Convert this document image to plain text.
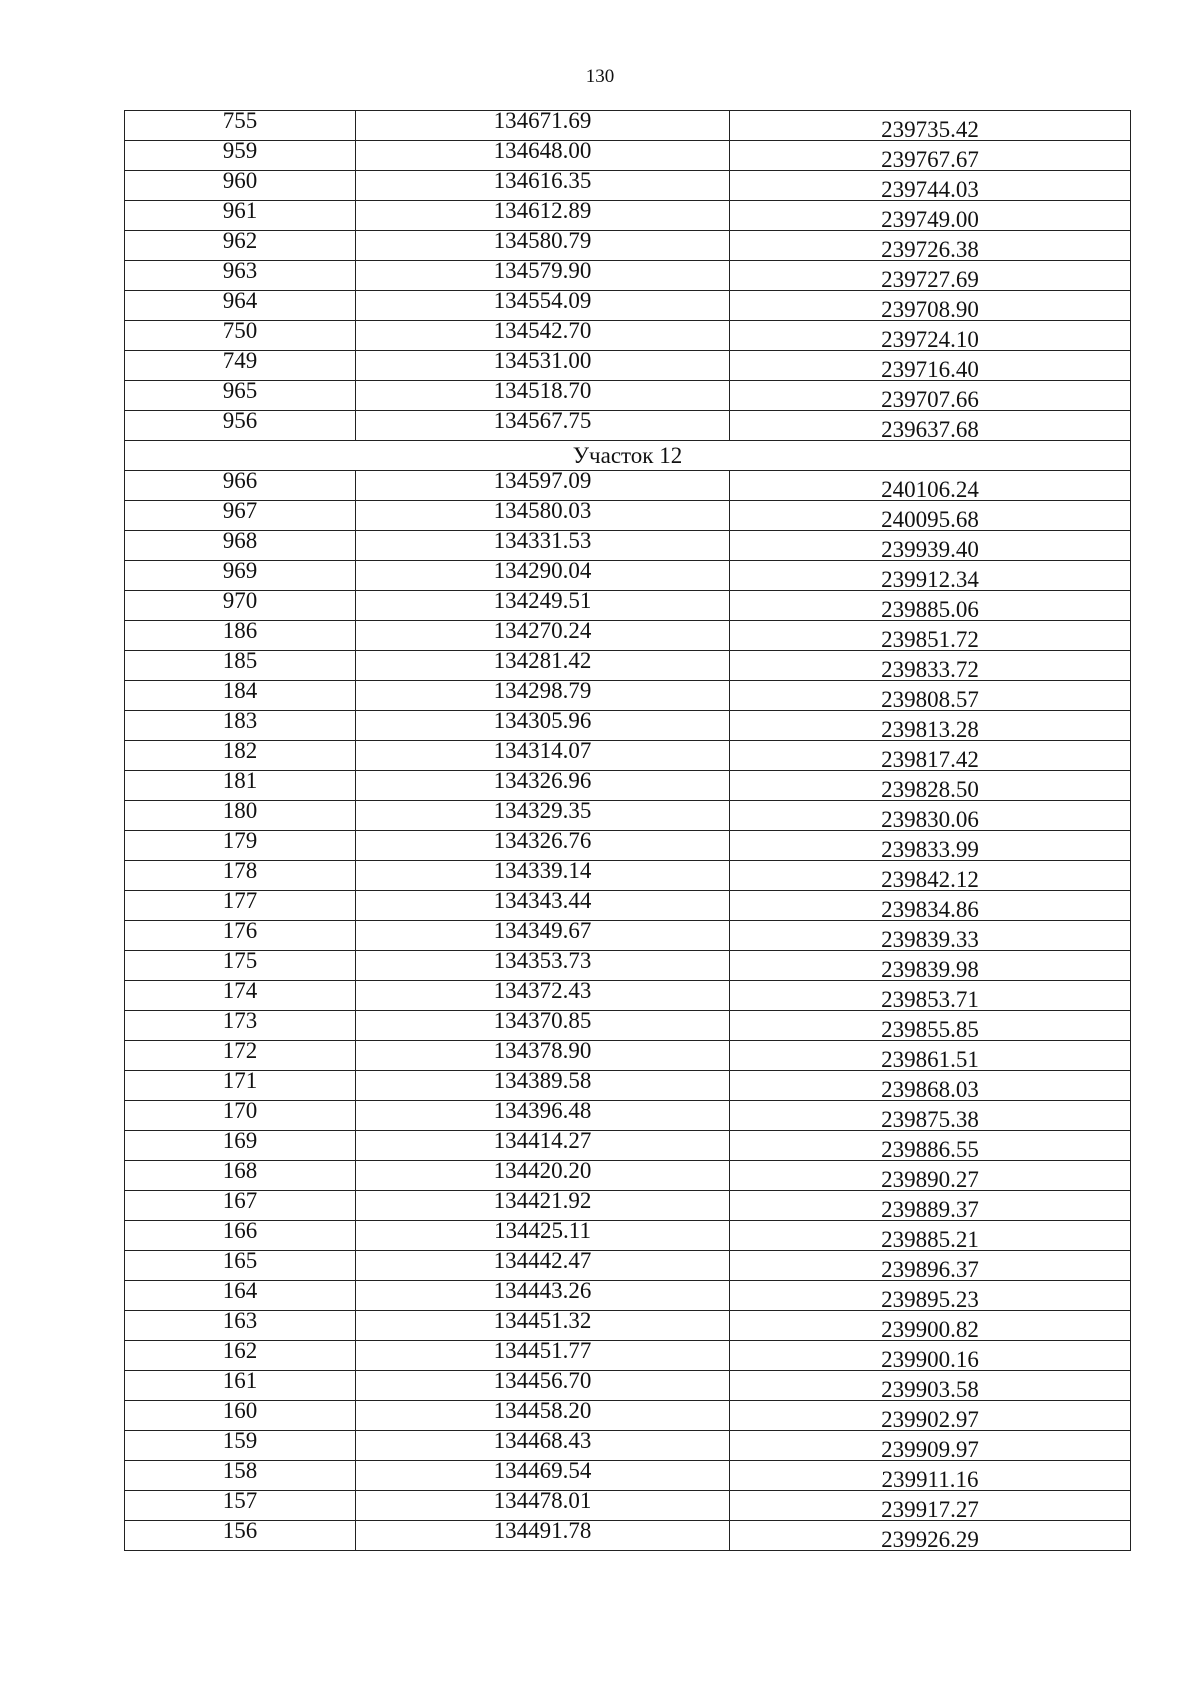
130
755	134671.69	239735.42
959	134648.00	239767.67
960	134616.35	239744.03
961	134612.89	239749.00
962	134580.79	239726.38
963	134579.90	239727.69
964	134554.09	239708.90
750	134542.70	239724.10
749	134531.00	239716.40
965	134518.70	239707.66
956	134567.75	239637.68
Участок 12		
966	134597.09	240106.24
967	134580.03	240095.68
968	134331.53	239939.40
969	134290.04	239912.34
970	134249.51	239885.06
186	134270.24	239851.72
185	134281.42	239833.72
184	134298.79	239808.57
183	134305.96	239813.28
182	134314.07	239817.42
181	134326.96	239828.50
180	134329.35	239830.06
179	134326.76	239833.99
178	134339.14	239842.12
177	134343.44	239834.86
176	134349.67	239839.33
175	134353.73	239839.98
174	134372.43	239853.71
173	134370.85	239855.85
172	134378.90	239861.51
171	134389.58	239868.03
170	134396.48	239875.38
169	134414.27	239886.55
168	134420.20	239890.27
167	134421.92	239889.37
166	134425.11	239885.21
165	134442.47	239896.37
164	134443.26	239895.23
163	134451.32	239900.82
162	134451.77	239900.16
161	134456.70	239903.58
160	134458.20	239902.97
159	134468.43	239909.97
158	134469.54	239911.16
157	134478.01	239917.27
156	134491.78	239926.29
